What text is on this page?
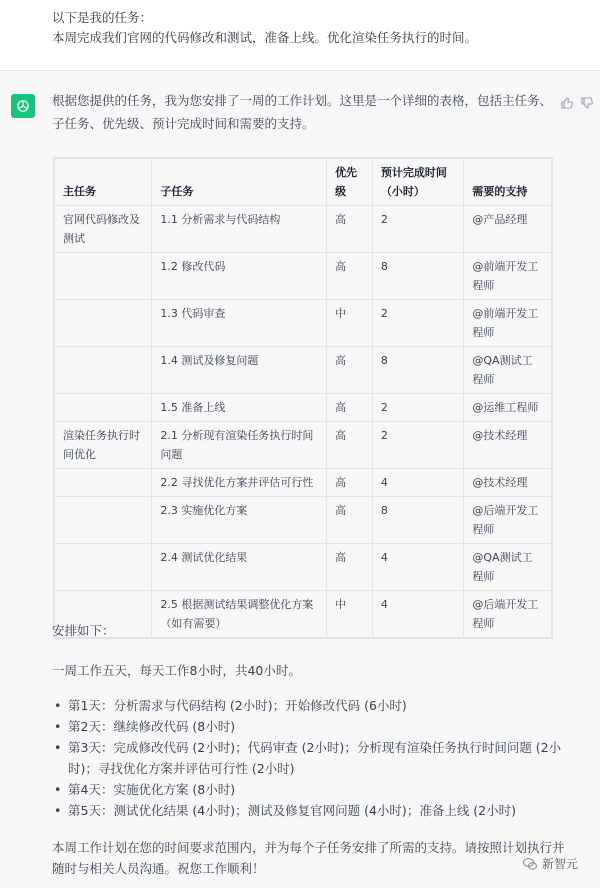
以下是我的任务：
本周完成我们官网的代码修改和测试，准备上线。优化渲染任务执行的时间。
根据您提供的任务，我为您安排了一周的工作计划。这里是一个详细的表格，包括主任务、子任务、优先级、预计完成时间和需要的支持。
主任务	子任务	优先级	预计完成时间（小时）	需要的支持
官网代码修改及测试	1.1 分析需求与代码结构	高	2	@产品经理
	1.2 修改代码	高	8	@前端开发工程师
	1.3 代码审查	中	2	@前端开发工程师
	1.4 测试及修复问题	高	8	@QA测试工程师
	1.5 准备上线	高	2	@运维工程师
渲染任务执行时间优化	2.1 分析现有渲染任务执行时间问题	高	2	@技术经理
	2.2 寻找优化方案并评估可行性	高	4	@技术经理
	2.3 实施优化方案	高	8	@后端开发工程师
	2.4 测试优化结果	高	4	@QA测试工程师
	2.5 根据测试结果调整优化方案（如有需要）	中	4	@后端开发工程师

安排如下：

一周工作五天，每天工作8小时，共40小时。

• 第1天：分析需求与代码结构 (2小时)；开始修改代码 (6小时)
• 第2天：继续修改代码 (8小时)
• 第3天：完成修改代码 (2小时)；代码审查 (2小时)；分析现有渲染任务执行时间问题 (2小时)；寻找优化方案并评估可行性 (2小时)
• 第4天：实施优化方案 (8小时)
• 第5天：测试优化结果 (4小时)；测试及修复官网问题 (4小时)；准备上线 (2小时)

本周工作计划在您的时间要求范围内，并为每个子任务安排了所需的支持。请按照计划执行并随时与相关人员沟通。祝您工作顺利！	新智元
